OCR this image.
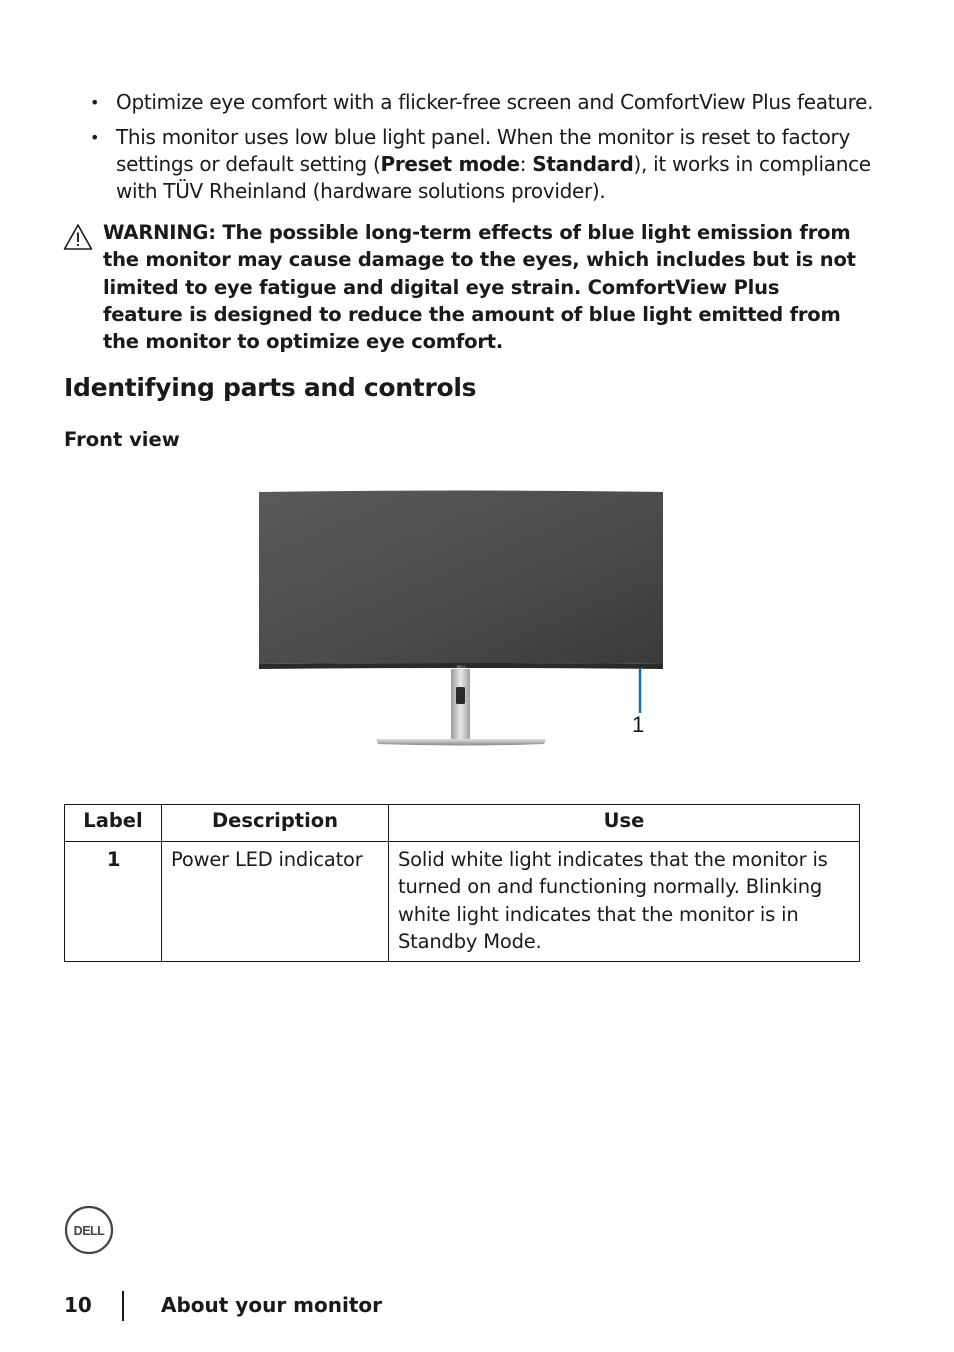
• Optimize eye comfort with a flicker-free screen and ComfortView Plus feature.
• This monitor uses low blue light panel. When the monitor is reset to factory settings or default setting (Preset mode: Standard), it works in compliance with TÜV Rheinland (hardware solutions provider).
WARNING: The possible long-term effects of blue light emission from the monitor may cause damage to the eyes, which includes but is not limited to eye fatigue and digital eye strain. ComfortView Plus feature is designed to reduce the amount of blue light emitted from the monitor to optimize eye comfort.
Identifying parts and controls
Front view
DELL
1
Label	Description	Use
1	Power LED indicator	Solid white light indicates that the monitor is turned on and functioning normally. Blinking white light indicates that the monitor is in Standby Mode.
DELL
10	About your monitor
